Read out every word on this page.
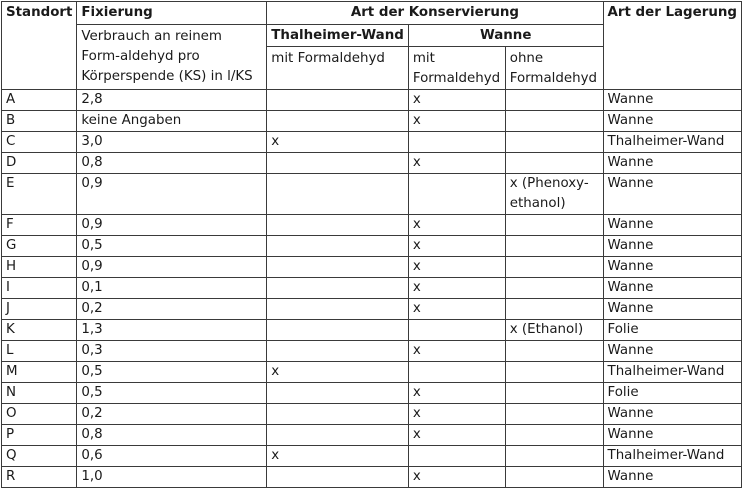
Standort	Fixierung	Art der Konservierung			Art der Lagerung
	Verbrauch an reinem Form-aldehyd pro Körperspende (KS) in l/KS	Thalheimer-Wand	Wanne		
		mit Formaldehyd	mit Formaldehyd	ohne Formaldehyd	
A	2,8		x		Wanne
B	keine Angaben		x		Wanne
C	3,0	x			Thalheimer-Wand
D	0,8		x		Wanne
E	0,9			x (Phenoxy-ethanol)	Wanne
F	0,9		x		Wanne
G	0,5		x		Wanne
H	0,9		x		Wanne
I	0,1		x		Wanne
J	0,2		x		Wanne
K	1,3			x (Ethanol)	Folie
L	0,3		x		Wanne
M	0,5	x			Thalheimer-Wand
N	0,5		x		Folie
O	0,2		x		Wanne
P	0,8		x		Wanne
Q	0,6	x			Thalheimer-Wand
R	1,0		x		Wanne
